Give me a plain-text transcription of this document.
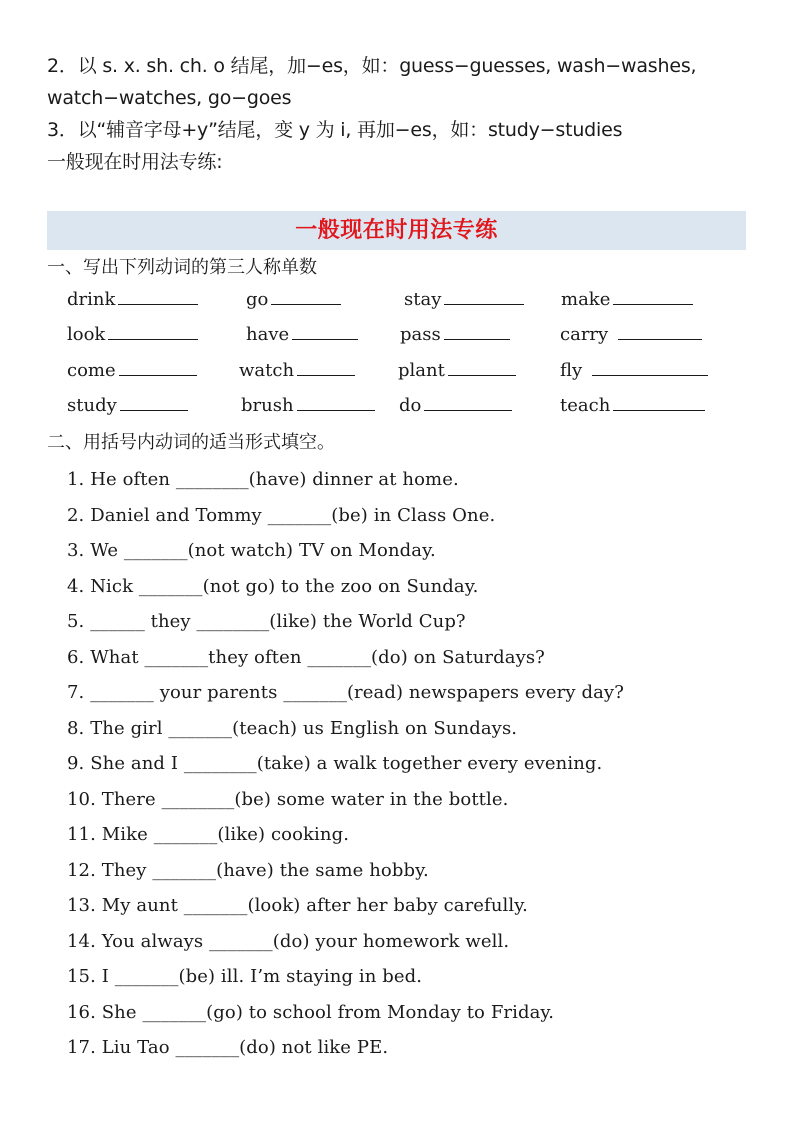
2．以 s. x. sh. ch. o 结尾，加−es，如：guess−guesses, wash−washes,
watch−watches, go−goes
3．以“辅音字母+y”结尾，变 y 为 i, 再加−es，如：study−studies
一般现在时用法专练:
一般现在时用法专练
一、写出下列动词的第三人称单数
drink	go	stay	make
look	have	pass	carry
come	watch	plant	fly
study	brush	do	teach
二、用括号内动词的适当形式填空。
1. He often ________(have) dinner at home.
2. Daniel and Tommy _______(be) in Class One.
3. We _______(not watch) TV on Monday.
4. Nick _______(not go) to the zoo on Sunday.
5. ______ they ________(like) the World Cup?
6. What _______they often _______(do) on Saturdays?
7. _______ your parents _______(read) newspapers every day?
8. The girl _______(teach) us English on Sundays.
9. She and I ________(take) a walk together every evening.
10. There ________(be) some water in the bottle.
11. Mike _______(like) cooking.
12. They _______(have) the same hobby.
13. My aunt _______(look) after her baby carefully.
14. You always _______(do) your homework well.
15. I _______(be) ill. I’m staying in bed.
16. She _______(go) to school from Monday to Friday.
17. Liu Tao _______(do) not like PE.
